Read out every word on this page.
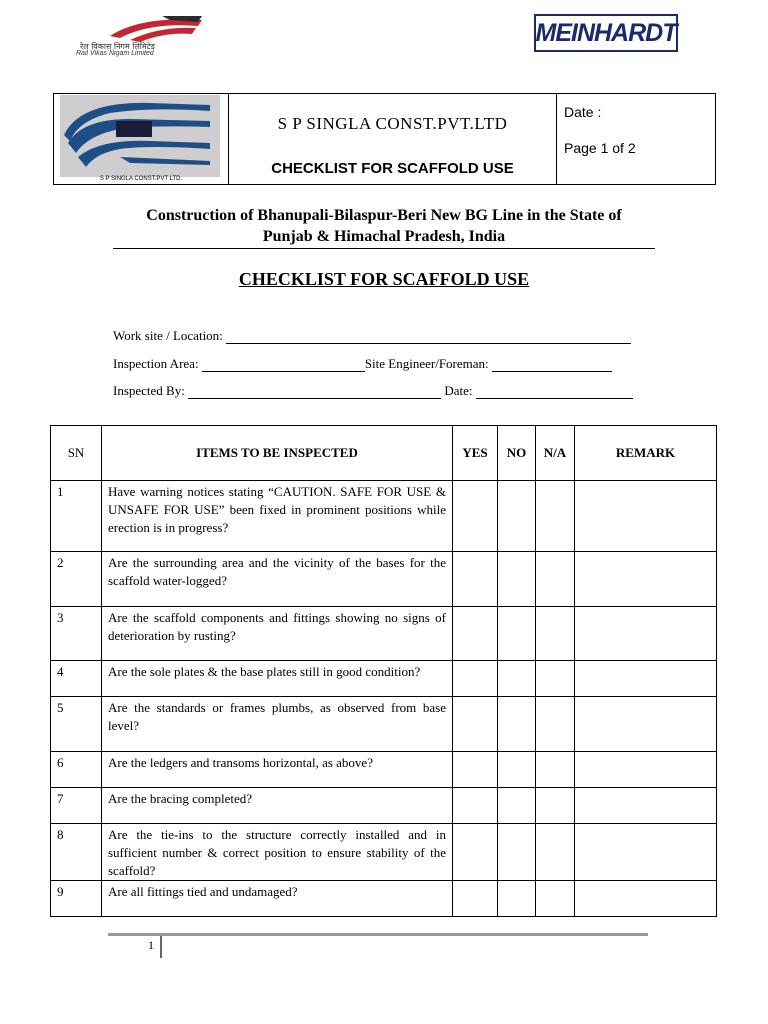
रेल विकास निगम लिमिटेड
Rail Vikas Nigam Limited
MEINHARDT
S P SINGLA CONST.PVT LTD.
S P SINGLA CONST.PVT.LTD
CHECKLIST FOR SCAFFOLD USE
Date :
Page 1 of 2
Construction of Bhanupali-Bilaspur-Beri New BG Line in the State of
Punjab & Himachal Pradesh, India
CHECKLIST FOR SCAFFOLD USE
Work site / Location:
Inspection Area:	Site Engineer/Foreman:
Inspected By:	Date:
SN	ITEMS TO BE INSPECTED	YES	NO	N/A	REMARK
1	Have warning notices stating “CAUTION. SAFE FOR USE & UNSAFE FOR USE” been fixed in prominent positions while erection is in progress?				
2	Are the surrounding area and the vicinity of the bases for the scaffold water-logged?				
3	Are the scaffold components and fittings showing no signs of deterioration by rusting?				
4	Are the sole plates & the base plates still in good condition?				
5	Are the standards or frames plumbs, as observed from base level?				
6	Are the ledgers and transoms horizontal, as above?				
7	Are the bracing completed?				
8	Are the tie-ins to the structure correctly installed and in sufficient number & correct position to ensure stability of the scaffold?				
9	Are all fittings tied and undamaged?				
1
